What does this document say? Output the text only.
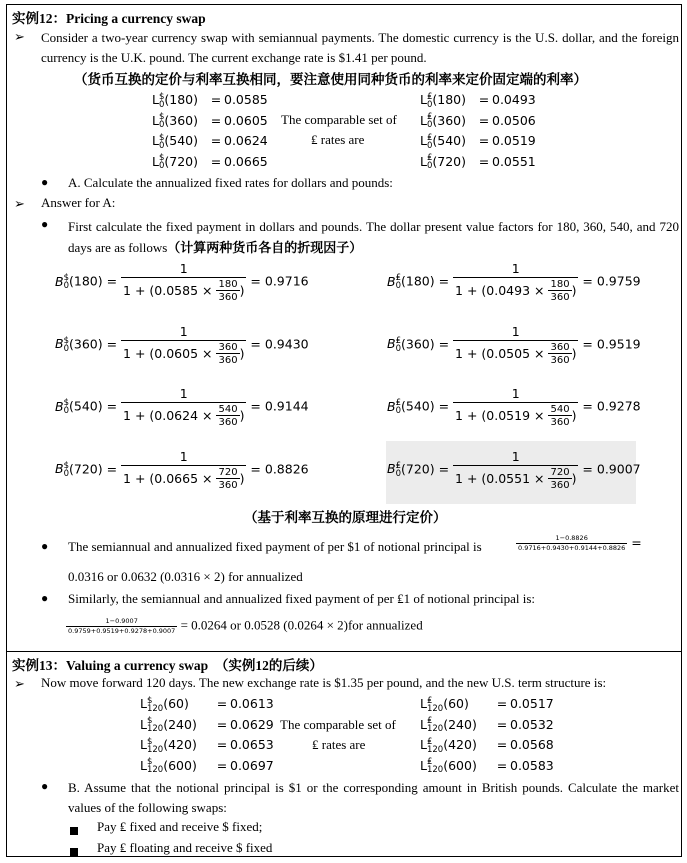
实例12：Pricing a currency swap
➢ Consider a two-year currency swap with semiannual payments. The domestic currency is the U.S. dollar, and the foreign currency is the U.K. pound. The current exchange rate is $1.41 per pound.
（货币互换的定价与利率互换相同，要注意使用同种货币的利率来定价固定端的利率）
L$
0(180) = 0.0585
L$
0(360) = 0.0605
L$
0(540) = 0.0624
L$
0(720) = 0.0665
The comparable set of
₤ rates are
L₤
0(180) = 0.0493
L₤
0(360) = 0.0506
L₤
0(540) = 0.0519
L₤
0(720) = 0.0551
● A. Calculate the annualized fixed rates for dollars and pounds:
➢ Answer for A:
● First calculate the fixed payment in dollars and pounds. The dollar present value factors for 180, 360, 540, and 720 days are as follows（计算两种货币各自的折现因子）
B$
$0(180) = \frac{1}{1 + (0.0585 \times \frac{180}{360} )} = 0.9716$
B$
$0(360) = \frac{1}{1 + (0.0605 \times \frac{360}{360} )} = 0.9430$
B$
$0(540) = \frac{1}{1 + (0.0624 \times \frac{540}{360} )} = 0.9144$
B$
$0(720) = \frac{1}{1 + (0.0665 \times \frac{720}{360} )} = 0.8826$
B₤
$0(180) = \frac{1}{1 + (0.0493 \times \frac{180}{360} )} = 0.9759$
B₤
$0(360) = \frac{1}{1 + (0.0505 \times \frac{360}{360} )} = 0.9519$
B₤
$0(540) = \frac{1}{1 + (0.0519 \times \frac{540}{360} )} = 0.9278$
B₤
$0(720) = \frac{1}{1 + (0.0551 \times \frac{720}{360} )} = 0.9007$
（基于利率互换的原理进行定价）
● The semiannual and annualized fixed payment of per $1 of notional principal is	$\frac{1-0.8826}{0.9716+0.9430+0.9144+0.8826}$ =
0.0316 or 0.0632 (0.0316 × 2) for annualized
● Similarly, the semiannual and annualized fixed payment of per ₤1 of notional principal is:
$\frac{1-0.9007}{0.9759+0.9519+0.9278+0.9007} = 0.0264$ or 0.0528 (0.0264 × 2)for annualized
实例13：Valuing a currency swap （实例12的后续）
➢ Now move forward 120 days. The new exchange rate is $1.35 per pound, and the new U.S. term structure is:
L$
120(60) = 0.0613
L$
120(240) = 0.0629
L$
120(420) = 0.0653
L$
120(600) = 0.0697
The comparable set of
₤ rates are
L₤
120(60) = 0.0517
L₤
120(240) = 0.0532
L₤
120(420) = 0.0568
L₤
120(600) = 0.0583
● B. Assume that the notional principal is $1 or the corresponding amount in British pounds. Calculate the market values of the following swaps:
Pay ₤ fixed and receive $ fixed;
Pay ₤ floating and receive $ fixed
